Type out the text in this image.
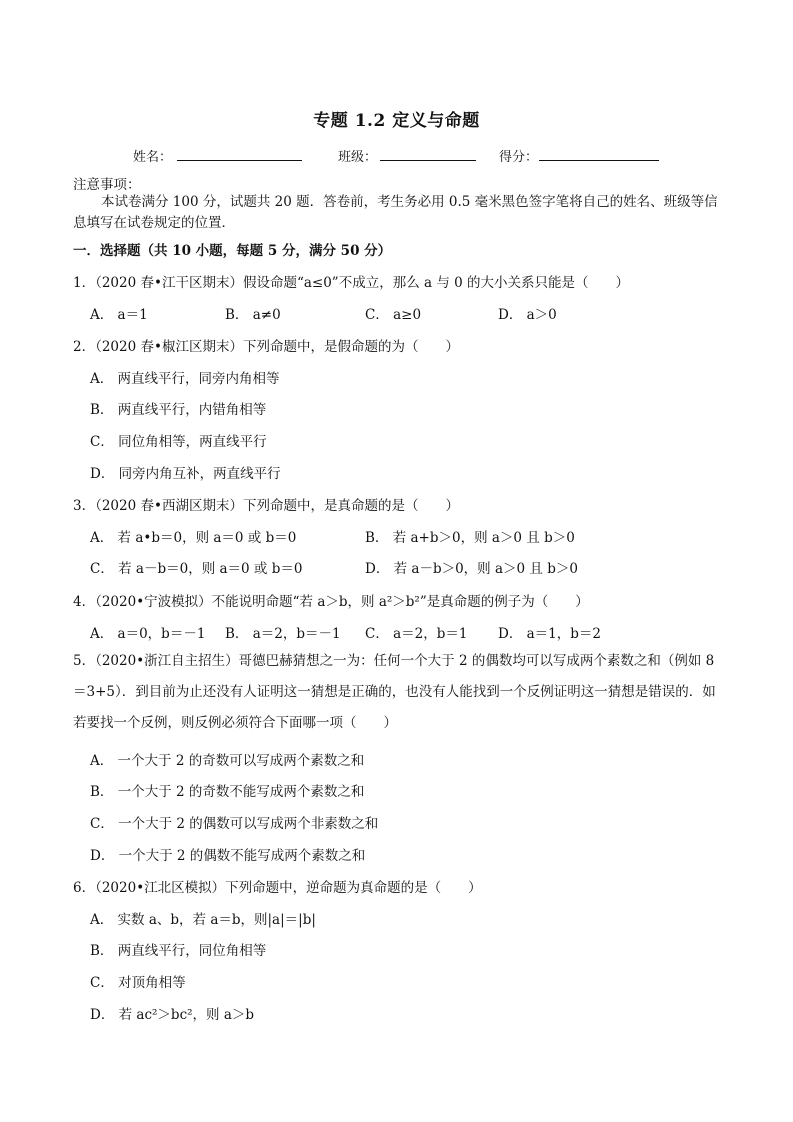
专题 1.2 定义与命题
姓名：	班级：	得分：
注意事项：
本试卷满分 100 分，试题共 20 题．答卷前，考生务必用 0.5 毫米黑色签字笔将自己的姓名、班级等信息填写在试卷规定的位置．
一．选择题（共 10 小题，每题 5 分，满分 50 分）
1．（2020 春•江干区期末）假设命题“a≤0”不成立，那么 a 与 0 的大小关系只能是（　　）
A． a＝1	B． a≠0	C． a≥0	D． a＞0
2．（2020 春•椒江区期末）下列命题中，是假命题的为（　　）
A． 两直线平行，同旁内角相等
B． 两直线平行，内错角相等
C． 同位角相等，两直线平行
D． 同旁内角互补，两直线平行
3．（2020 春•西湖区期末）下列命题中，是真命题的是（　　）
A． 若 a•b＝0，则 a＝0 或 b＝0	B． 若 a+b＞0，则 a＞0 且 b＞0
C． 若 a－b＝0，则 a＝0 或 b＝0	D． 若 a－b＞0，则 a＞0 且 b＞0
4．（2020•宁波模拟）不能说明命题“若 a＞b，则 a²＞b²”是真命题的例子为（　　）
A． a＝0，b＝－1 B． a＝2，b＝－1 C． a＝2，b＝1 D． a＝1，b＝2
5．（2020•浙江自主招生）哥德巴赫猜想之一为：任何一个大于 2 的偶数均可以写成两个素数之和（例如 8＝3+5）．到目前为止还没有人证明这一猜想是正确的，也没有人能找到一个反例证明这一猜想是错误的．如若要找一个反例，则反例必须符合下面哪一项（　　）
A． 一个大于 2 的奇数可以写成两个素数之和
B． 一个大于 2 的奇数不能写成两个素数之和
C． 一个大于 2 的偶数可以写成两个非素数之和
D． 一个大于 2 的偶数不能写成两个素数之和
6．（2020•江北区模拟）下列命题中，逆命题为真命题的是（　　）
A． 实数 a、b，若 a＝b，则|a|＝|b|
B． 两直线平行，同位角相等
C． 对顶角相等
D． 若 ac²＞bc²，则 a＞b
